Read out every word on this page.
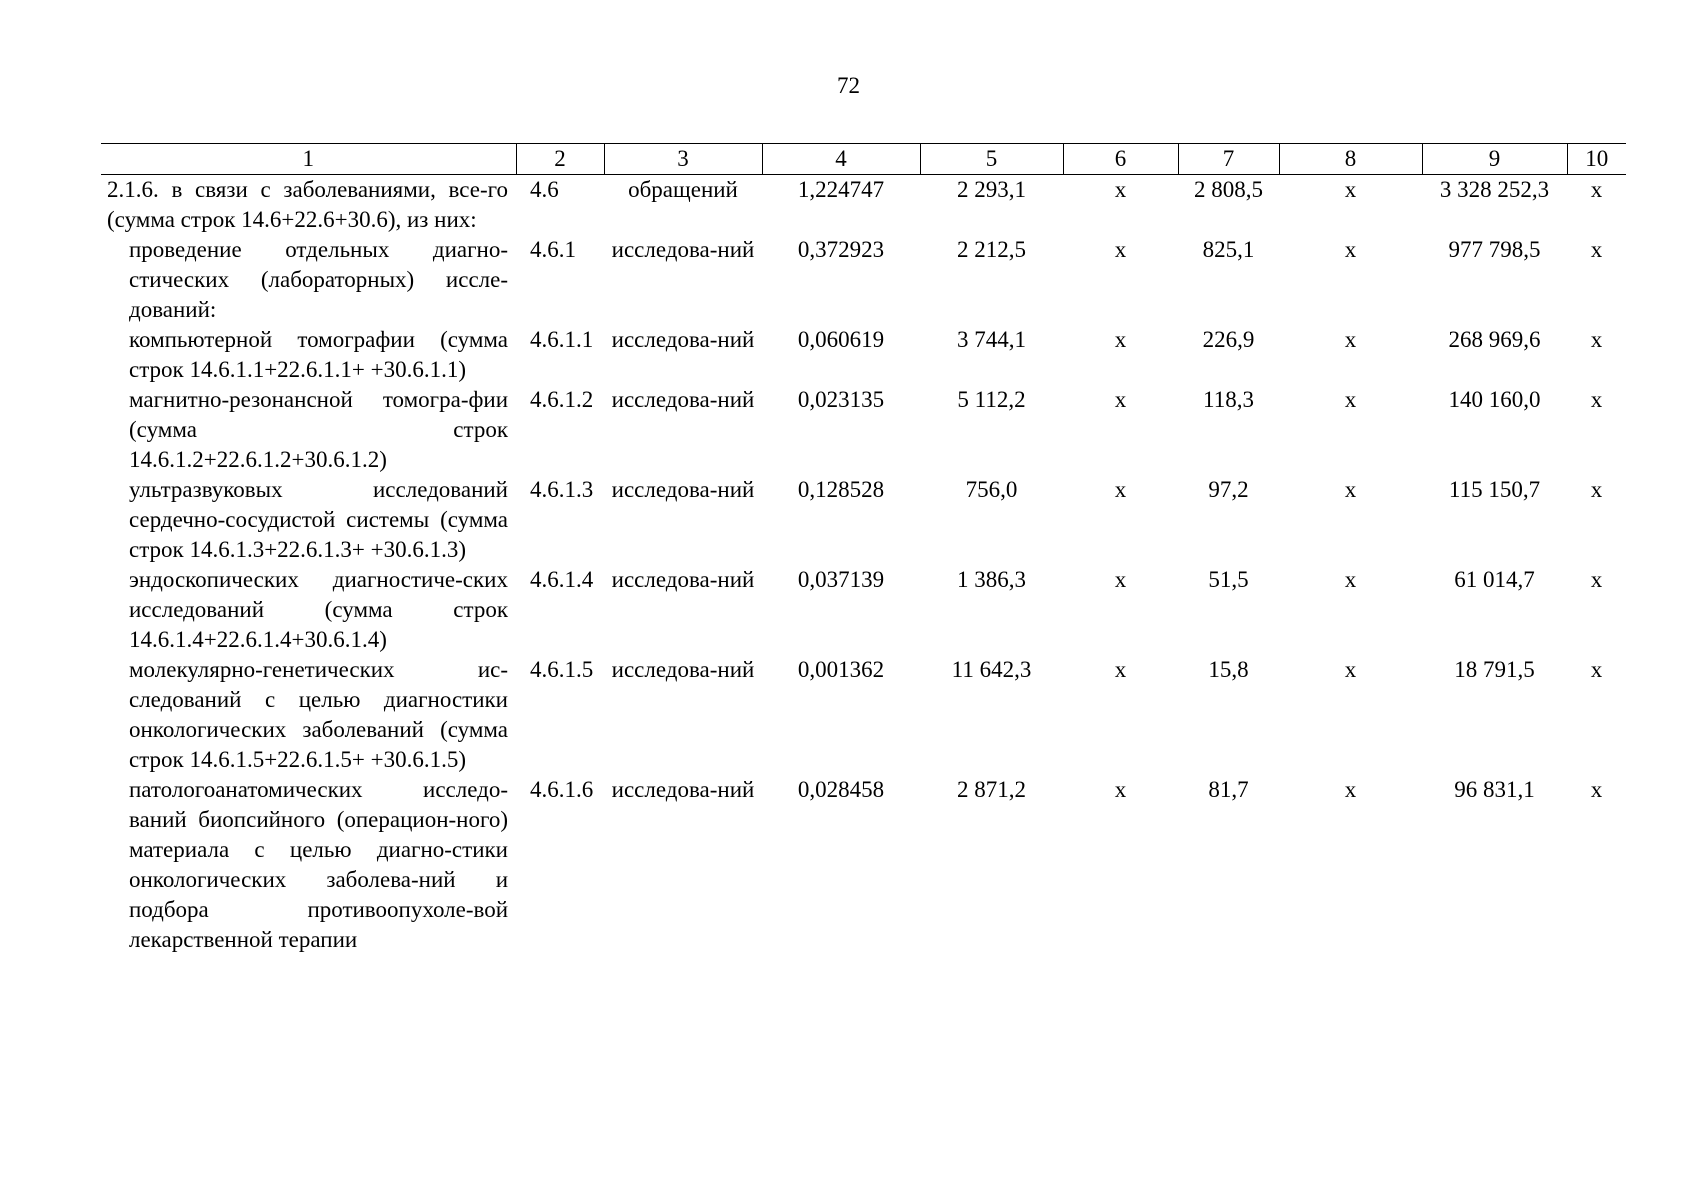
72
1	2	3	4	5	6	7	8	9	10
2.1.6. в связи с заболеваниями, все-го (сумма строк 14.6+22.6+30.6), из них:	4.6	обращений	1,224747	2 293,1	x	2 808,5	x	3 328 252,3	x
проведение отдельных диагно-стических (лабораторных) иссле-дований:	4.6.1	исследова-ний	0,372923	2 212,5	x	825,1	x	977 798,5	x
компьютерной томографии (сумма строк 14.6.1.1+22.6.1.1+ +30.6.1.1)	4.6.1.1	исследова-ний	0,060619	3 744,1	x	226,9	x	268 969,6	x
магнитно-резонансной томогра-фии (сумма строк 14.6.1.2+22.6.1.2+30.6.1.2)	4.6.1.2	исследова-ний	0,023135	5 112,2	x	118,3	x	140 160,0	x
ультразвуковых исследований сердечно-сосудистой системы (сумма строк 14.6.1.3+22.6.1.3+ +30.6.1.3)	4.6.1.3	исследова-ний	0,128528	756,0	x	97,2	x	115 150,7	x
эндоскопических диагностиче-ских исследований (сумма строк 14.6.1.4+22.6.1.4+30.6.1.4)	4.6.1.4	исследова-ний	0,037139	1 386,3	x	51,5	x	61 014,7	x
молекулярно-генетических ис-следований с целью диагностики онкологических заболеваний (сумма строк 14.6.1.5+22.6.1.5+ +30.6.1.5)	4.6.1.5	исследова-ний	0,001362	11 642,3	x	15,8	x	18 791,5	x
патологоанатомических исследо-ваний биопсийного (операцион-ного) материала с целью диагно-стики онкологических заболева-ний и подбора противоопухоле-вой лекарственной терапии	4.6.1.6	исследова-ний	0,028458	2 871,2	x	81,7	x	96 831,1	x
